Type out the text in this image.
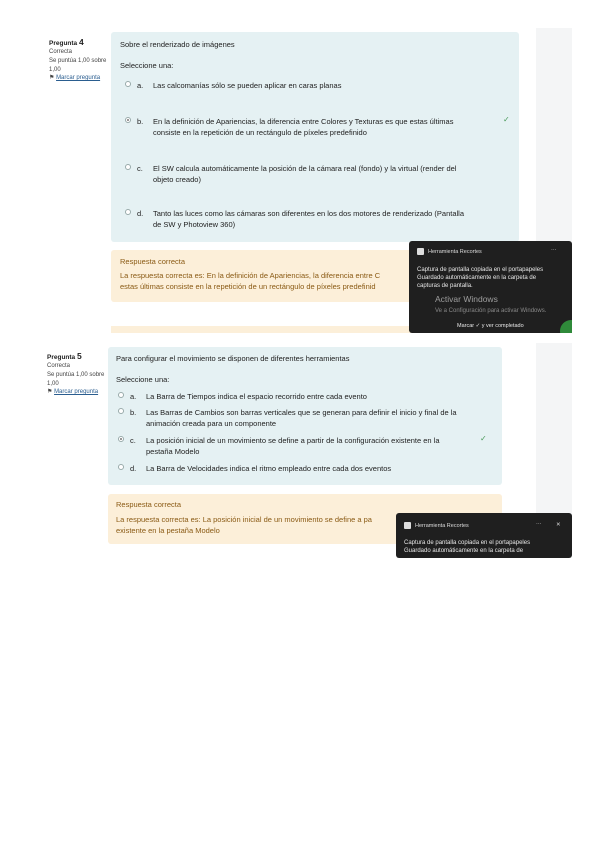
Pregunta 4
Correcta
Se puntúa 1,00 sobre 1,00
⚑ Marcar pregunta
Sobre el renderizado de imágenes
Seleccione una:
a. Las calcomanías sólo se pueden aplicar en caras planas
b. En la definición de Apariencias, la diferencia entre Colores y Texturas es que estas últimas
consiste en la repetición de un rectángulo de píxeles predefinido
✓
c. El SW calcula automáticamente la posición de la cámara real (fondo) y la virtual (render del
objeto creado)
d. Tanto las luces como las cámaras son diferentes en los dos motores de renderizado (Pantalla
de SW y Photoview 360)
Respuesta correcta
La respuesta correcta es: En la definición de Apariencias, la diferencia entre C
estas últimas consiste en la repetición de un rectángulo de píxeles predefinid
Herramienta Recortes	···
Captura de pantalla copiada en el portapapeles
Guardado automáticamente en la carpeta de
capturas de pantalla.
Activar Windows
Ve a Configuración para activar Windows.
Marcar ✓ y ver completado
Pregunta 5
Correcta
Se puntúa 1,00 sobre 1,00
⚑ Marcar pregunta
Para configurar el movimiento se disponen de diferentes herramientas
Seleccione una:
a. La Barra de Tiempos indica el espacio recorrido entre cada evento
b. Las Barras de Cambios son barras verticales que se generan para definir el inicio y final de la
animación creada para un componente
c. La posición inicial de un movimiento se define a partir de la configuración existente en la
pestaña Modelo
✓
d. La Barra de Velocidades indica el ritmo empleado entre cada dos eventos
Respuesta correcta
La respuesta correcta es: La posición inicial de un movimiento se define a pa
existente en la pestaña Modelo
Herramienta Recortes	···	✕
Captura de pantalla copiada en el portapapeles
Guardado automáticamente en la carpeta de
